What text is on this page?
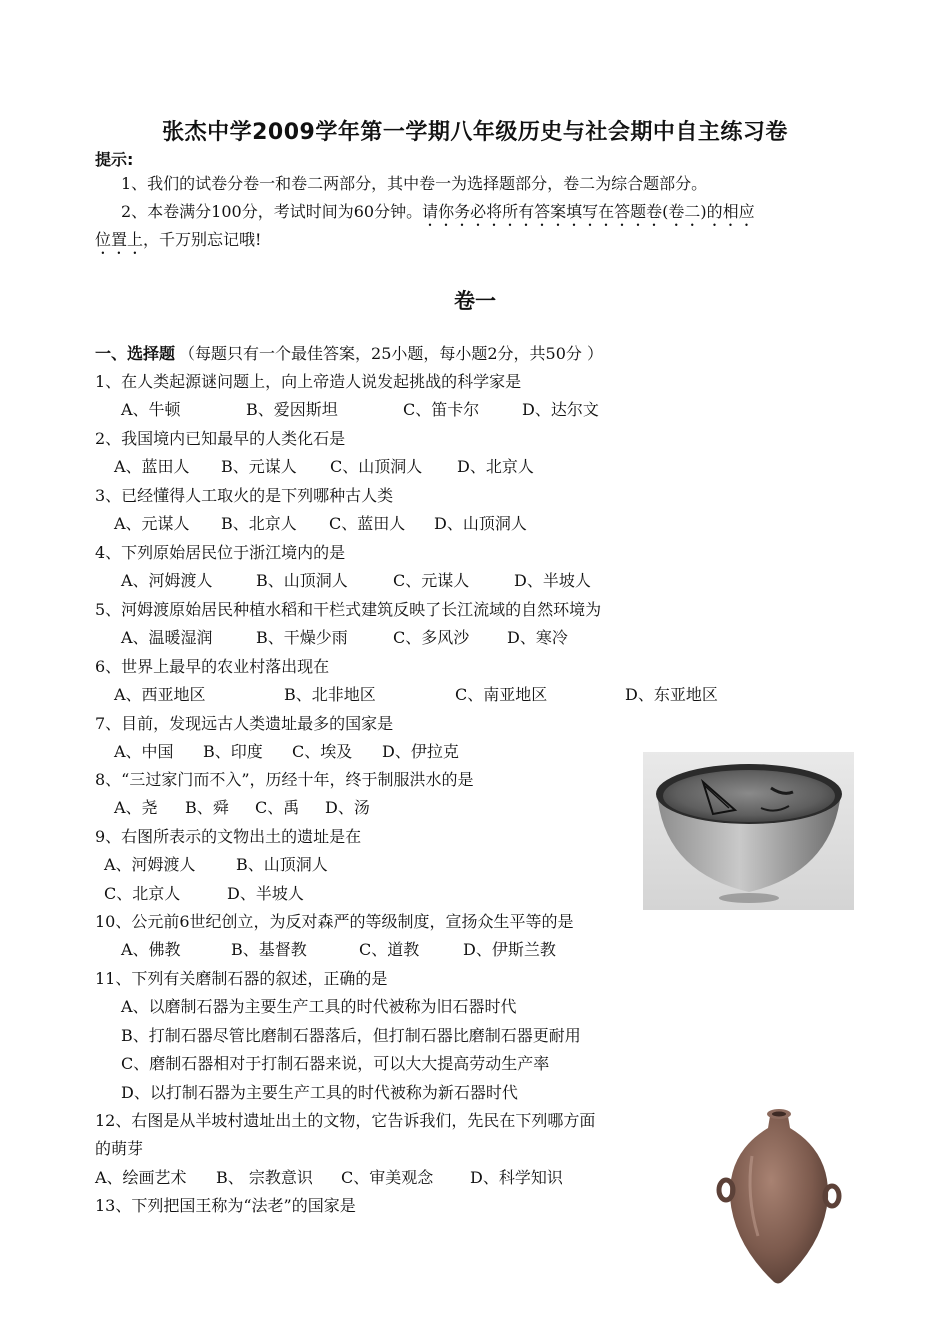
张杰中学2009学年第一学期八年级历史与社会期中自主练习卷
提示:
1、我们的试卷分卷一和卷二两部分，其中卷一为选择题部分，卷二为综合题部分。
2、本卷满分100分，考试时间为60分钟。请你务必将所有答案填写在答题卷(卷二)的相应
位置上，千万别忘记哦!
卷一
一、选择题 （每题只有一个最佳答案，25小题，每小题2分，共50分 ）
1、在人类起源谜问题上，向上帝造人说发起挑战的科学家是
A、牛顿	B、爱因斯坦	C、笛卡尔	D、达尔文
2、我国境内已知最早的人类化石是
A、蓝田人 B、元谋人 C、山顶洞人 D、北京人
3、已经懂得人工取火的是下列哪种古人类
A、元谋人 B、北京人 C、蓝田人 D、山顶洞人
4、下列原始居民位于浙江境内的是
A、河姆渡人	B、山顶洞人	C、元谋人	D、半坡人
5、河姆渡原始居民种植水稻和干栏式建筑反映了长江流域的自然环境为
A、温暖湿润	B、干燥少雨	C、多风沙 D、寒冷
6、世界上最早的农业村落出现在
A、西亚地区	B、北非地区	C、南亚地区	D、东亚地区
7、目前，发现远古人类遗址最多的国家是
A、中国 B、印度 C、埃及 D、伊拉克
8、“三过家门而不入”，历经十年，终于制服洪水的是
A、尧 B、舜 C、禹 D、汤
9、右图所表示的文物出土的遗址是在
A、河姆渡人	B、山顶洞人
C、北京人	D、半坡人
10、公元前6世纪创立，为反对森严的等级制度，宣扬众生平等的是
A、佛教	B、基督教	C、道教	D、伊斯兰教
11、下列有关磨制石器的叙述，正确的是
A、以磨制石器为主要生产工具的时代被称为旧石器时代
B、打制石器尽管比磨制石器落后，但打制石器比磨制石器更耐用
C、磨制石器相对于打制石器来说，可以大大提高劳动生产率
D、以打制石器为主要生产工具的时代被称为新石器时代
12、右图是从半坡村遗址出土的文物，它告诉我们，先民在下列哪方面
的萌芽
A、绘画艺术 B、 宗教意识 C、审美观念 D、科学知识
13、下列把国王称为“法老”的国家是
